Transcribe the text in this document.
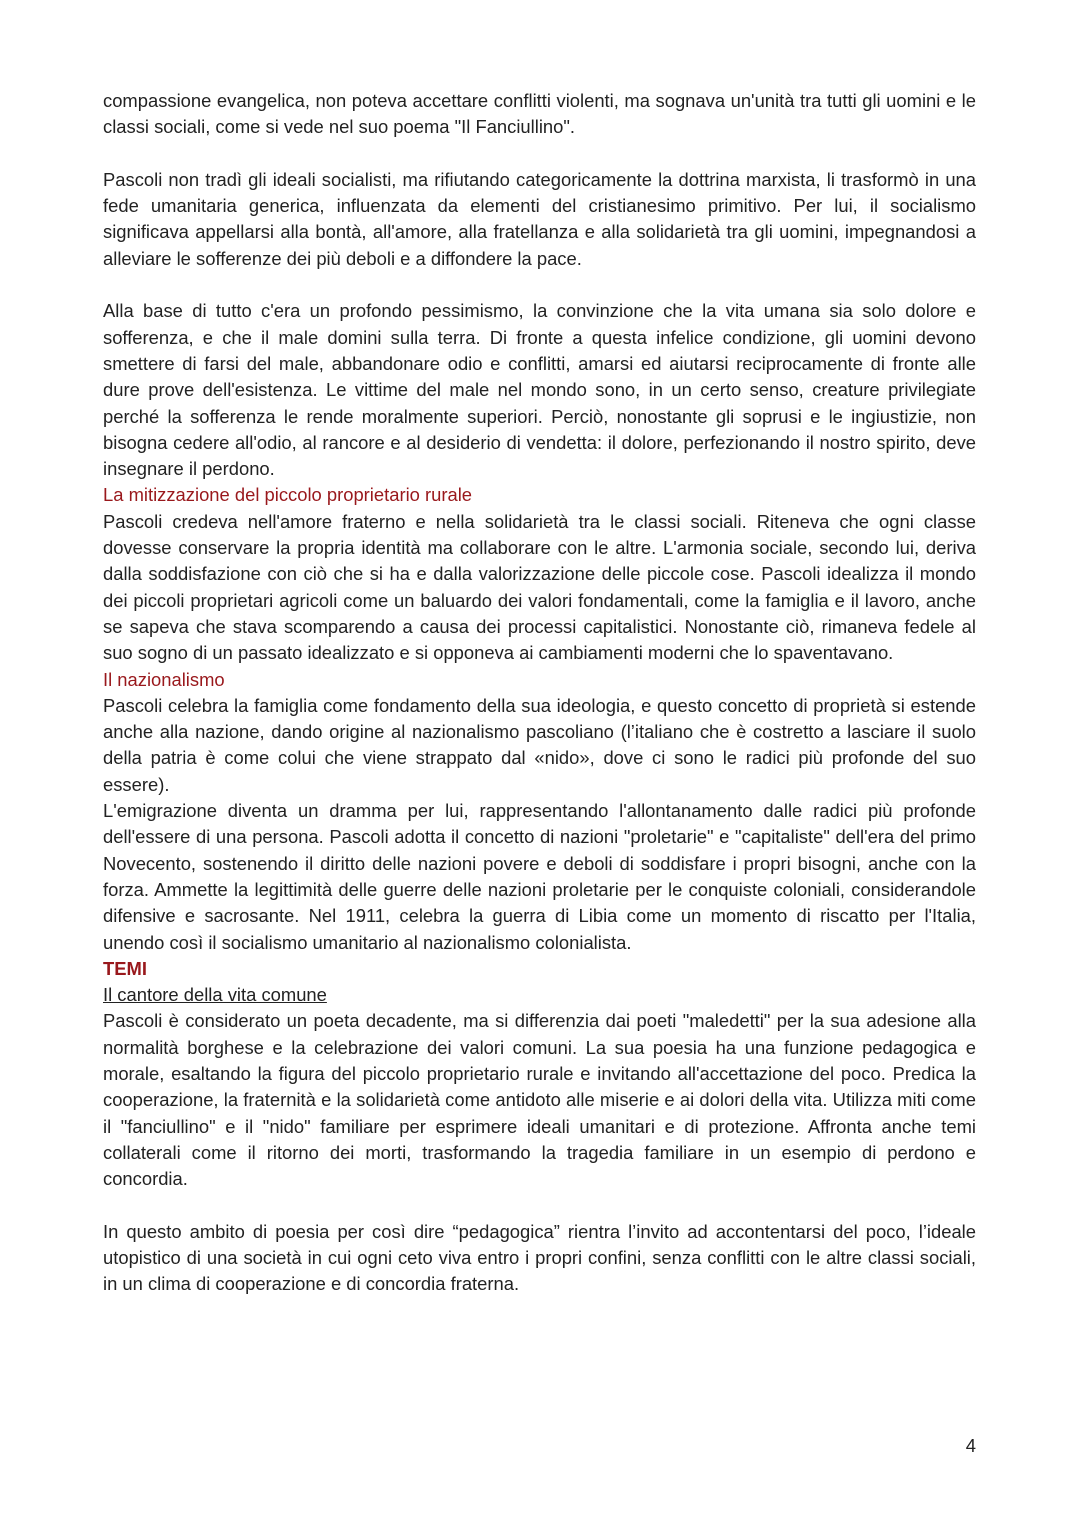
compassione evangelica, non poteva accettare conflitti violenti, ma sognava un'unità tra tutti gli uomini e le classi sociali, come si vede nel suo poema "Il Fanciullino".

Pascoli non tradì gli ideali socialisti, ma rifiutando categoricamente la dottrina marxista, li trasformò in una fede umanitaria generica, influenzata da elementi del cristianesimo primitivo. Per lui, il socialismo significava appellarsi alla bontà, all'amore, alla fratellanza e alla solidarietà tra gli uomini, impegnandosi a alleviare le sofferenze dei più deboli e a diffondere la pace.

Alla base di tutto c'era un profondo pessimismo, la convinzione che la vita umana sia solo dolore e sofferenza, e che il male domini sulla terra. Di fronte a questa infelice condizione, gli uomini devono smettere di farsi del male, abbandonare odio e conflitti, amarsi ed aiutarsi reciprocamente di fronte alle dure prove dell'esistenza. Le vittime del male nel mondo sono, in un certo senso, creature privilegiate perché la sofferenza le rende moralmente superiori. Perciò, nonostante gli soprusi e le ingiustizie, non bisogna cedere all'odio, al rancore e al desiderio di vendetta: il dolore, perfezionando il nostro spirito, deve insegnare il perdono.

La mitizzazione del piccolo proprietario rurale

Pascoli credeva nell'amore fraterno e nella solidarietà tra le classi sociali. Riteneva che ogni classe dovesse conservare la propria identità ma collaborare con le altre. L'armonia sociale, secondo lui, deriva dalla soddisfazione con ciò che si ha e dalla valorizzazione delle piccole cose. Pascoli idealizza il mondo dei piccoli proprietari agricoli come un baluardo dei valori fondamentali, come la famiglia e il lavoro, anche se sapeva che stava scomparendo a causa dei processi capitalistici. Nonostante ciò, rimaneva fedele al suo sogno di un passato idealizzato e si opponeva ai cambiamenti moderni che lo spaventavano.

Il nazionalismo

Pascoli celebra la famiglia come fondamento della sua ideologia, e questo concetto di proprietà si estende anche alla nazione, dando origine al nazionalismo pascoliano (l’italiano che è costretto a lasciare il suolo della patria è come colui che viene strappato dal «nido», dove ci sono le radici più profonde del suo essere).

L'emigrazione diventa un dramma per lui, rappresentando l'allontanamento dalle radici più profonde dell'essere di una persona. Pascoli adotta il concetto di nazioni "proletarie" e "capitaliste" dell'era del primo Novecento, sostenendo il diritto delle nazioni povere e deboli di soddisfare i propri bisogni, anche con la forza. Ammette la legittimità delle guerre delle nazioni proletarie per le conquiste coloniali, considerandole difensive e sacrosante. Nel 1911, celebra la guerra di Libia come un momento di riscatto per l'Italia, unendo così il socialismo umanitario al nazionalismo colonialista.

TEMI
Il cantore della vita comune

Pascoli è considerato un poeta decadente, ma si differenzia dai poeti "maledetti" per la sua adesione alla normalità borghese e la celebrazione dei valori comuni. La sua poesia ha una funzione pedagogica e morale, esaltando la figura del piccolo proprietario rurale e invitando all'accettazione del poco. Predica la cooperazione, la fraternità e la solidarietà come antidoto alle miserie e ai dolori della vita. Utilizza miti come il "fanciullino" e il "nido" familiare per esprimere ideali umanitari e di protezione. Affronta anche temi collaterali come il ritorno dei morti, trasformando la tragedia familiare in un esempio di perdono e concordia.

In questo ambito di poesia per così dire “pedagogica” rientra l’invito ad accontentarsi del poco, l’ideale utopistico di una società in cui ogni ceto viva entro i propri confini, senza conflitti con le altre classi sociali, in un clima di cooperazione e di concordia fraterna.

4
